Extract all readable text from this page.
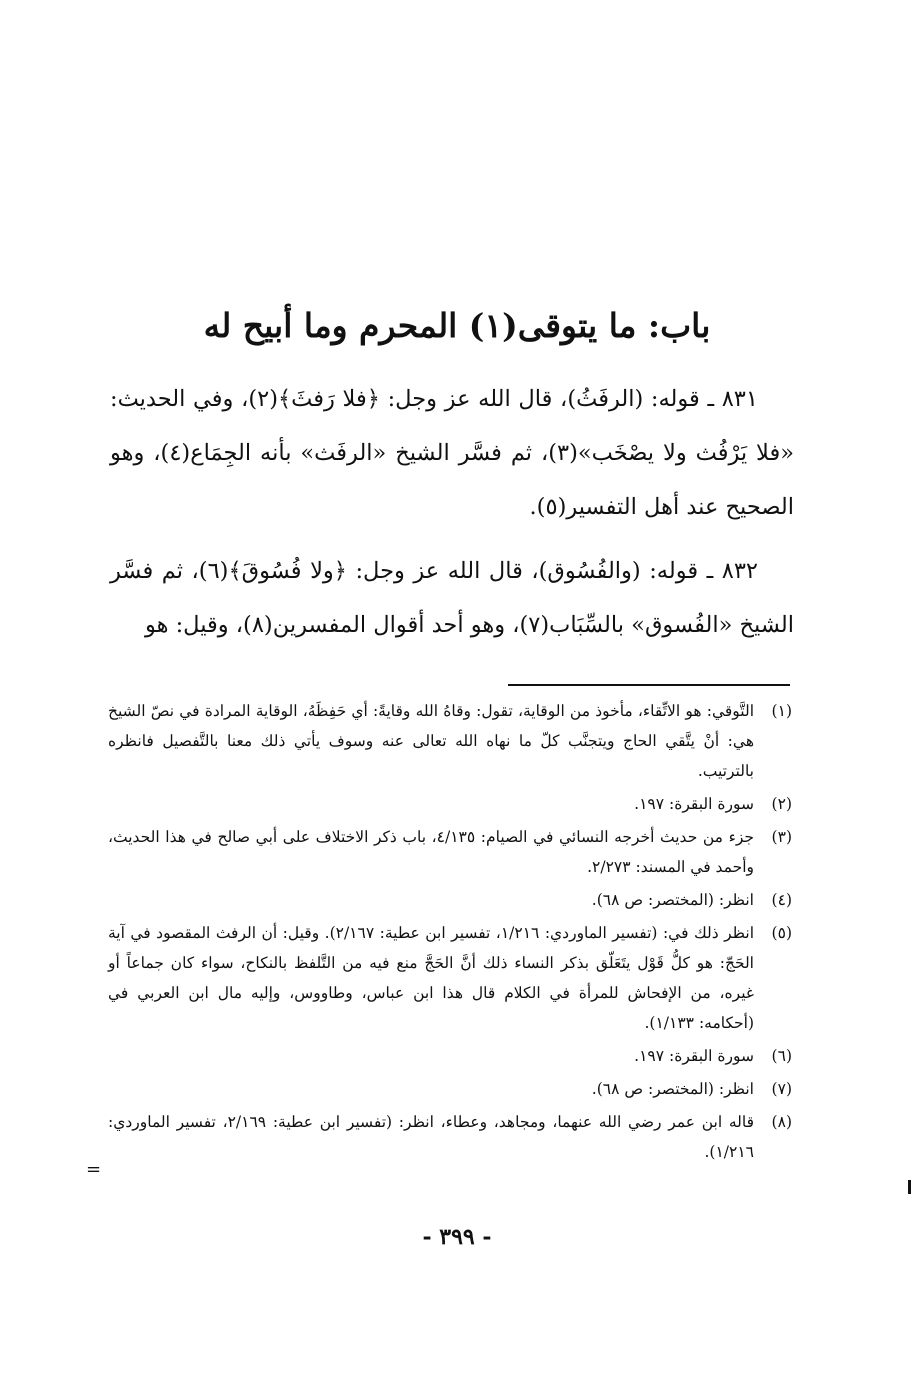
باب: ما يتوقى(١) المحرم وما أبيح له

٨٣١ ـ قوله: (الرفَثُ)، قال الله عز وجل: ﴿فلا رَفثَ﴾(٢)، وفي الحديث: «فلا يَرْفُث ولا يصْخَب»(٣)، ثم فسَّر الشيخ «الرفَث» بأنه الجِمَاع(٤)، وهو الصحيح عند أهل التفسير(٥).

٨٣٢ ـ قوله: (والفُسُوق)، قال الله عز وجل: ﴿ولا فُسُوقَ﴾(٦)، ثم فسَّر الشيخ «الفُسوق» بالسِّبَاب(٧)، وهو أحد أقوال المفسرين(٨)، وقيل: هو

(١)
التَّوقي: هو الاتِّقاء، مأخوذ من الوقاية، تقول: وقاهُ الله وقايةً: أي حَفِظَهُ، الوقاية المرادة في نصّ الشيخ هي: أنْ يتَّقي الحاج ويتجنَّب كلّ ما نهاه الله تعالى عنه وسوف يأتي ذلك معنا بالتَّفصيل فانظره بالترتيب.
(٢)
سورة البقرة: ١٩٧.
(٣)
جزء من حديث أخرجه النسائي في الصيام: ٤/١٣٥، باب ذكر الاختلاف على أبي صالح في هذا الحديث، وأحمد في المسند: ٢/٢٧٣.
(٤)
انظر: (المختصر: ص ٦٨).
(٥)
انظر ذلك في: (تفسير الماوردي: ١/٢١٦، تفسير ابن عطية: ٢/١٦٧). وقيل: أن الرفث المقصود في آية الحَجّ: هو كلُّ قَوْل يتَعَلّق بذكر النساء ذلك أنَّ الحَجَّ منع فيه من التَّلفظ بالنكاح، سواء كان جماعاً أو غيره، من الإفحاش للمرأة في الكلام قال هذا ابن عباس، وطاووس، وإليه مال ابن العربي في (أحكامه: ١/١٣٣).
(٦)
سورة البقرة: ١٩٧.
(٧)
انظر: (المختصر: ص ٦٨).
(٨)
قاله ابن عمر رضي الله عنهما، ومجاهد، وعطاء، انظر: (تفسير ابن عطية: ٢/١٦٩، تفسير الماوردي: ١/٢١٦).
=
- ٣٩٩ -
